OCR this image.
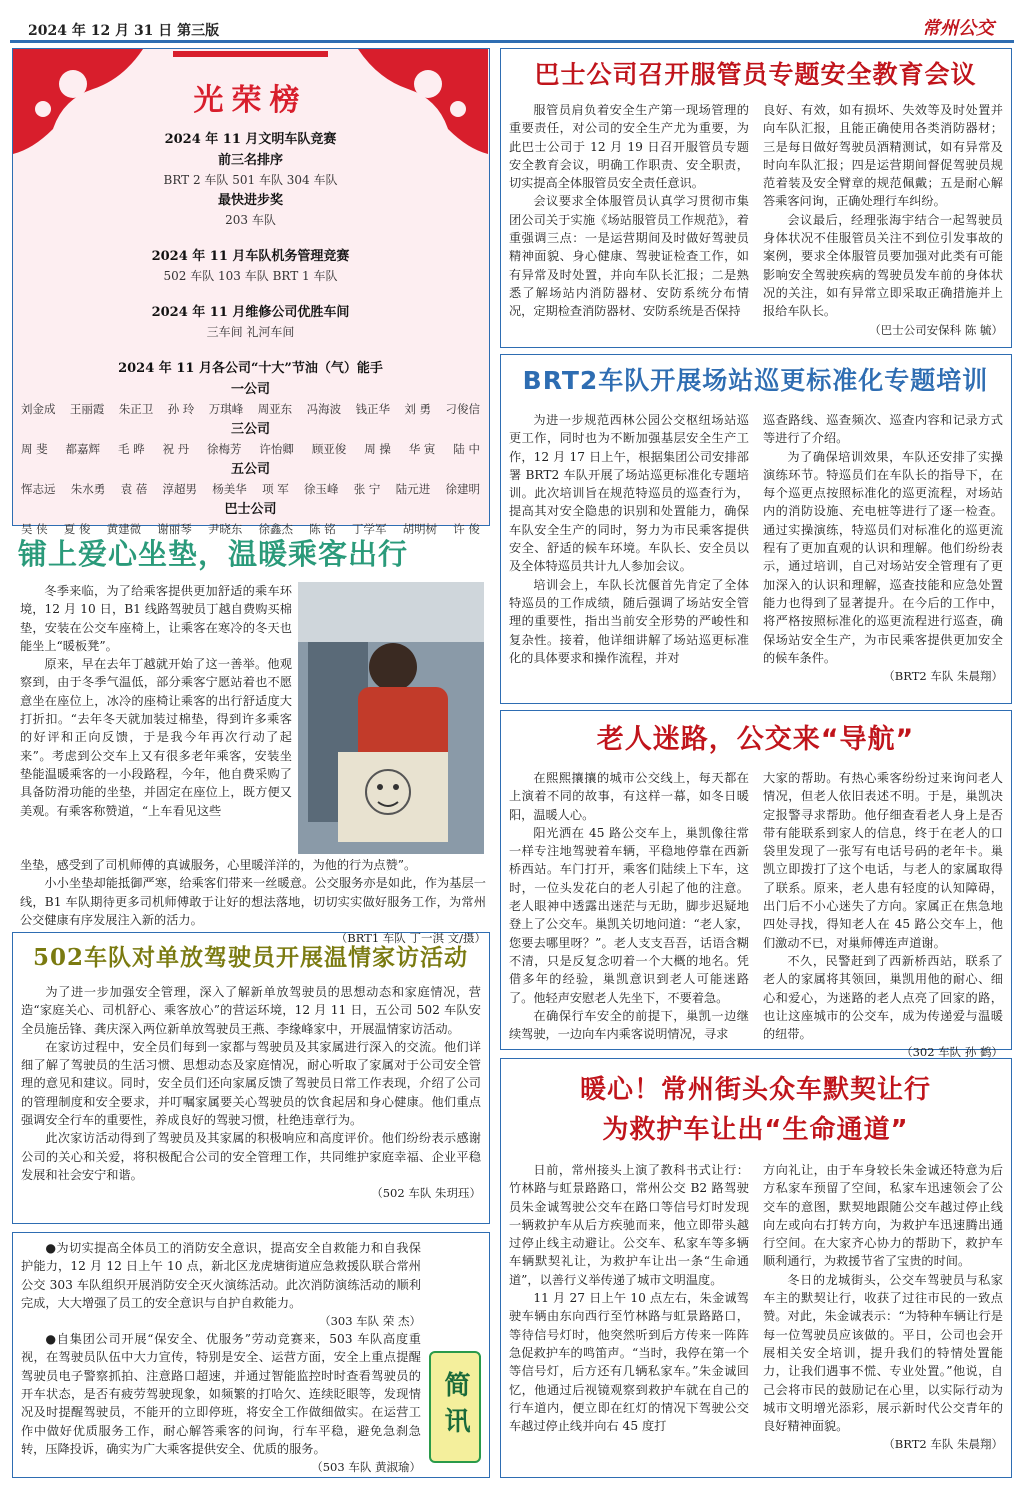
2024 年 12 月 31 日 第三版	常州公交
光荣榜
2024 年 11 月文明车队竞赛
前三名排序
BRT 2 车队 501 车队 304 车队
最快进步奖
203 车队
2024 年 11 月车队机务管理竞赛
502 车队 103 车队 BRT 1 车队
2024 年 11 月维修公司优胜车间
三车间 礼河车间
2024 年 11 月各公司“十大”节油（气）能手
一公司
刘金成 王丽霞 朱正卫 孙 玲 万琪峰 周亚东 冯海波 钱正华 刘 勇 刁俊信
三公司
周 斐 都嘉辉 毛 晔 祝 丹 徐梅芳 许怡卿 顾亚俊 周 操 华 寅 陆 中
五公司
恽志远 朱水勇 袁 蓓 淳超男 杨美华 项 军 徐玉峰 张 宁 陆元进 徐建明
巴士公司
吴 侠 夏 俊 黄建微 谢丽琴 尹晓东 徐鑫杰 陈 铭 丁学军 胡明树 许 俊
巴士公司召开服管员专题安全教育会议
服管员肩负着安全生产第一现场管理的重要责任，对公司的安全生产尤为重要，为此巴士公司于 12 月 19 日召开服管员专题安全教育会议，明确工作职责、安全职责，切实提高全体服管员安全责任意识。
会议要求全体服管员认真学习贯彻市集团公司关于实施《场站服管员工作规范》，着重强调三点：一是运营期间及时做好驾驶员精神面貌、身心健康、驾驶证检查工作，如有异常及时处置，并向车队长汇报；二是熟悉了解场站内消防器材、安防系统分布情况，定期检查消防器材、安防系统是否保持
良好、有效，如有损坏、失效等及时处置并向车队汇报，且能正确使用各类消防器材；三是每日做好驾驶员酒精测试，如有异常及时向车队汇报；四是运营期间督促驾驶员规范着装及安全臂章的规范佩戴；五是耐心解答乘客问询，正确处理行车纠纷。
会议最后，经理张海宇结合一起驾驶员身体状况不佳服管员关注不到位引发事故的案例，要求全体服管员要加强对此类有可能影响安全驾驶疾病的驾驶员发车前的身体状况的关注，如有异常立即采取正确措施并上报给车队长。
（巴士公司安保科 陈 毓）
BRT2车队开展场站巡更标准化专题培训
为进一步规范西林公园公交枢纽场站巡更工作，同时也为不断加强基层安全生产工作，12 月 17 日上午，根据集团公司安排部署 BRT2 车队开展了场站巡更标准化专题培训。此次培训旨在规范特巡员的巡查行为，提高其对安全隐患的识别和处置能力，确保车队安全生产的同时，努力为市民乘客提供安全、舒适的候车环境。车队长、安全员以及全体特巡员共计九人参加会议。
培训会上，车队长沈偃首先肯定了全体特巡员的工作成绩，随后强调了场站安全管理的重要性，指出当前安全形势的严峻性和复杂性。接着，他详细讲解了场站巡更标准化的具体要求和操作流程，并对
巡查路线、巡查频次、巡查内容和记录方式等进行了介绍。
为了确保培训效果，车队还安排了实操演练环节。特巡员们在车队长的指导下，在每个巡更点按照标准化的巡更流程，对场站内的消防设施、充电桩等进行了逐一检查。通过实操演练，特巡员们对标准化的巡更流程有了更加直观的认识和理解。他们纷纷表示，通过培训，自己对场站安全管理有了更加深入的认识和理解，巡查技能和应急处置能力也得到了显著提升。在今后的工作中，将严格按照标准化的巡更流程进行巡查，确保场站安全生产，为市民乘客提供更加安全的候车条件。
（BRT2 车队 朱晨翔）
铺上爱心坐垫，温暖乘客出行
冬季来临，为了给乘客提供更加舒适的乘车环境，12 月 10 日，B1 线路驾驶员丁越自费购买棉垫，安装在公交车座椅上，让乘客在寒冷的冬天也能坐上“暖板凳”。
原来，早在去年丁越就开始了这一善举。他观察到，由于冬季气温低，部分乘客宁愿站着也不愿意坐在座位上，冰冷的座椅让乘客的出行舒适度大打折扣。“去年冬天就加装过棉垫，得到许多乘客的好评和正向反馈，于是我今年再次行动了起来”。考虑到公交车上又有很多老年乘客，安装坐垫能温暖乘客的一小段路程，今年，他自费采购了具备防滑功能的坐垫，并固定在座位上，既方便又美观。有乘客称赞道，“上车看见这些
坐垫，感受到了司机师傅的真诚服务，心里暖洋洋的，为他的行为点赞”。
小小坐垫却能抵御严寒，给乘客们带来一丝暖意。公交服务亦是如此，作为基层一线，B1 车队期待更多司机师傅敢于让好的想法落地，切切实实做好服务工作，为常州公交健康有序发展注入新的活力。
（BRT1 车队 丁一淇 文/摄）
老人迷路，公交来“导航”
在熙熙攘攘的城市公交线上，每天都在上演着不同的故事，有这样一幕，如冬日暖阳，温暖人心。
阳光洒在 45 路公交车上，巢凯像往常一样专注地驾驶着车辆，平稳地停靠在西新桥西站。车门打开，乘客们陆续上下车，这时，一位头发花白的老人引起了他的注意。老人眼神中透露出迷茫与无助，脚步迟疑地登上了公交车。巢凯关切地问道：“老人家，您要去哪里呀？”。老人支支吾吾，话语含糊不清，只是反复念叨着一个大概的地名。凭借多年的经验，巢凯意识到老人可能迷路了。他轻声安慰老人先坐下，不要着急。
在确保行车安全的前提下，巢凯一边继续驾驶，一边向车内乘客说明情况，寻求
大家的帮助。有热心乘客纷纷过来询问老人情况，但老人依旧表述不明。于是，巢凯决定报警寻求帮助。他仔细查看老人身上是否带有能联系到家人的信息，终于在老人的口袋里发现了一张写有电话号码的老年卡。巢凯立即拨打了这个电话，与老人的家属取得了联系。原来，老人患有轻度的认知障碍，出门后不小心迷失了方向。家属正在焦急地四处寻找，得知老人在 45 路公交车上，他们激动不已，对巢师傅连声道谢。
不久，民警赶到了西新桥西站，联系了老人的家属将其领回，巢凯用他的耐心、细心和爱心，为迷路的老人点亮了回家的路，也让这座城市的公交车，成为传递爱与温暖的纽带。
（302 车队 孙 鹤）
502车队对单放驾驶员开展温情家访活动
为了进一步加强安全管理，深入了解新单放驾驶员的思想动态和家庭情况，营造“家庭关心、司机舒心、乘客放心”的营运环境，12 月 11 日，五公司 502 车队安全员施岳锋、龚庆深入两位新单放驾驶员王燕、李缘峰家中，开展温情家访活动。
在家访过程中，安全员们每到一家都与驾驶员及其家属进行深入的交流。他们详细了解了驾驶员的生活习惯、思想动态及家庭情况，耐心听取了家属对于公司安全管理的意见和建议。同时，安全员们还向家属反馈了驾驶员日常工作表现，介绍了公司的管理制度和安全要求，并叮嘱家属要关心驾驶员的饮食起居和身心健康。他们重点强调安全行车的重要性，养成良好的驾驶习惯，杜绝违章行为。
此次家访活动得到了驾驶员及其家属的积极响应和高度评价。他们纷纷表示感谢公司的关心和关爱，将积极配合公司的安全管理工作，共同维护家庭幸福、企业平稳发展和社会安宁和谐。
（502 车队 朱玥珏）
●为切实提高全体员工的消防安全意识，提高安全自救能力和自我保护能力，12 月 12 日上午 10 点，新北区龙虎塘街道应急救援队联合常州公交 303 车队组织开展消防安全灭火演练活动。此次消防演练活动的顺利完成，大大增强了员工的安全意识与自护自救能力。
（303 车队 荣 杰）
●自集团公司开展“保安全、优服务”劳动竞赛来，503 车队高度重视，在驾驶员队伍中大力宣传，特别是安全、运营方面，安全上重点提醒驾驶员电子警察抓拍、注意路口超速，并通过智能监控时时查看驾驶员的开车状态，是否有疲劳驾驶现象，如频繁的打哈欠、连续眨眼等，发现情况及时提醒驾驶员，不能开的立即停班，将安全工作做细做实。在运营工作中做好优质服务工作，耐心解答乘客的问询，行车平稳，避免急刹急转，压降投诉，确实为广大乘客提供安全、优质的服务。
（503 车队 黄淑瑜）
简讯
暖心！常州街头众车默契让行
为救护车让出“生命通道”
日前，常州接头上演了教科书式让行：竹林路与虹景路路口，常州公交 B2 路驾驶员朱金诚驾驶公交车在路口等信号灯时发现一辆救护车从后方疾驰而来，他立即带头越过停止线主动避让。公交车、私家车等多辆车辆默契礼让，为救护车让出一条“生命通道”，以善行义举传递了城市文明温度。
11 月 27 日上午 10 点左右，朱金诚驾驶车辆由东向西行至竹林路与虹景路路口，等待信号灯时，他突然听到后方传来一阵阵急促救护车的鸣笛声。“当时，我停在第一个等信号灯，后方还有几辆私家车。”朱金诚回忆，他通过后视镜观察到救护车就在自己的行车道内，便立即在红灯的情况下驾驶公交车越过停止线并向右 45 度打
方向礼让，由于车身较长朱金诚还特意为后方私家车预留了空间，私家车迅速领会了公交车的意图，默契地跟随公交车越过停止线向左或向右打转方向，为救护车迅速腾出通行空间。在大家齐心协力的帮助下，救护车顺利通行，为救援节省了宝贵的时间。
冬日的龙城街头，公交车驾驶员与私家车主的默契让行，收获了过往市民的一致点赞。对此，朱金诚表示：“为特种车辆让行是每一位驾驶员应该做的。平日，公司也会开展相关安全培训，提升我们的特情处置能力，让我们遇事不慌、专业处置。”他说，自己会将市民的鼓励记在心里，以实际行动为城市文明增光添彩，展示新时代公交青年的良好精神面貌。
（BRT2 车队 朱晨翔）
